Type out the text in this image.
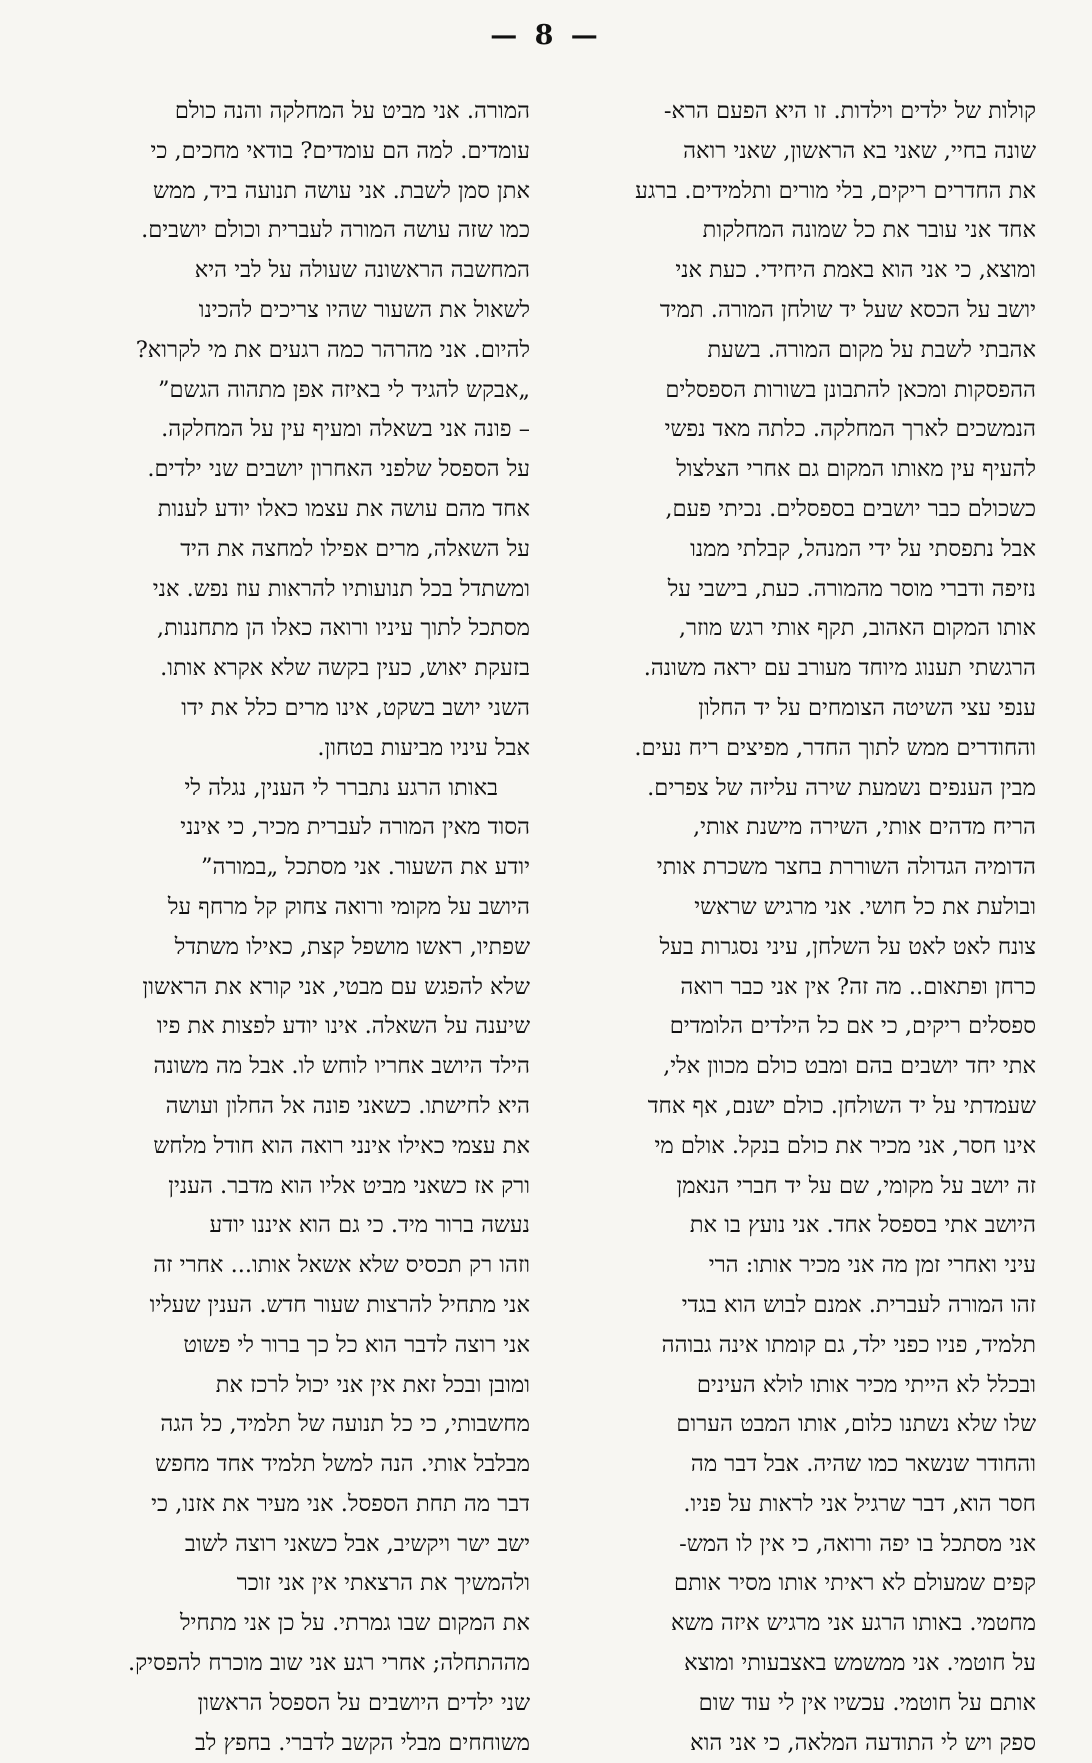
— 8 —
קולות של ילדים וילדות. זו היא הפעם הרא-
שונה בחיי, שאני בא הראשון, שאני רואה
את החדרים ריקים, בלי מורים ותלמידים. ברגע
אחד אני עובר את כל שמונה המחלקות
ומוצא, כי אני הוא באמת היחידי. כעת אני
יושב על הכסא שעל יד שולחן המורה. תמיד
אהבתי לשבת על מקום המורה. בשעת
ההפסקות ומכאן להתבונן בשורות הספסלים
הנמשכים לארך המחלקה. כלתה מאד נפשי
להעיף עין מאותו המקום גם אחרי הצלצול
כשכולם כבר יושבים בספסלים. נכיתי פעם,
אבל נתפסתי על ידי המנהל, קבלתי ממנו
נזיפה ודברי מוסר מהמורה. כעת, בישבי על
אותו המקום האהוב, תקף אותי רגש מוזר,
הרגשתי תענוג מיוחד מעורב עם יראה משונה.
ענפי עצי השיטה הצומחים על יד החלון
והחודרים ממש לתוך החדר, מפיצים ריח נעים.
מבין הענפים נשמעת שירה עליזה של צפרים.
הריח מדהים אותי, השירה מישנת אותי,
הדומיה הגדולה השוררת בחצר משכרת אותי
ובולעת את כל חושי. אני מרגיש שראשי
צונח לאט לאט על השלחן, עיני נסגרות בעל
כרחן ופתאום.. מה זה? אין אני כבר רואה
ספסלים ריקים, כי אם כל הילדים הלומדים
אתי יחד יושבים בהם ומבט כולם מכוון אלי,
שעמדתי על יד השולחן. כולם ישנם, אף אחד
אינו חסר, אני מכיר את כולם בנקל. אולם מי
זה יושב על מקומי, שם על יד חברי הנאמן
היושב אתי בספסל אחד. אני נועץ בו את
עיני ואחרי זמן מה אני מכיר אותו: הרי
זהו המורה לעברית. אמנם לבוש הוא בגדי
תלמיד, פניו כפני ילד, גם קומתו אינה גבוהה
ובכלל לא הייתי מכיר אותו לולא העינים
שלו שלא נשתנו כלום, אותו המבט הערום
והחודר שנשאר כמו שהיה. אבל דבר מה
חסר הוא, דבר שרגיל אני לראות על פניו.
אני מסתכל בו יפה ורואה, כי אין לו המש-
קפים שמעולם לא ראיתי אותו מסיר אותם
מחטמי. באותו הרגע אני מרגיש איזה משא
על חוטמי. אני ממשמש באצבעותי ומוצא
אותם על חוטמי. עכשיו אין לי עוד שום
ספק ויש לי התודעה המלאה, כי אני הוא
המורה. אני מביט על המחלקה והנה כולם
עומדים. למה הם עומדים? בודאי מחכים, כי
אתן סמן לשבת. אני עושה תנועה ביד, ממש
כמו שזה עושה המורה לעברית וכולם יושבים.
המחשבה הראשונה שעולה על לבי היא
לשאול את השעור שהיו צריכים להכינו
להיום. אני מהרהר כמה רגעים את מי לקרוא?
„אבקש להגיד לי באיזה אפן מתהוה הגשם”
– פונה אני בשאלה ומעיף עין על המחלקה.
על הספסל שלפני האחרון יושבים שני ילדים.
אחד מהם עושה את עצמו כאלו יודע לענות
על השאלה, מרים אפילו למחצה את היד
ומשתדל בכל תנועותיו להראות עוז נפש. אני
מסתכל לתוך עיניו ורואה כאלו הן מתחננות,
בזעקת יאוש, כעין בקשה שלא אקרא אותו.
השני יושב בשקט, אינו מרים כלל את ידו
אבל עיניו מביעות בטחון.
באותו הרגע נתברר לי הענין, נגלה לי
הסוד מאין המורה לעברית מכיר, כי אינני
יודע את השעור. אני מסתכל „במורה”
היושב על מקומי ורואה צחוק קל מרחף על
שפתיו, ראשו מושפל קצת, כאילו משתדל
שלא להפגש עם מבטי, אני קורא את הראשון
שיענה על השאלה. אינו יודע לפצות את פיו
הילד היושב אחריו לוחש לו. אבל מה משונה
היא לחישתו. כשאני פונה אל החלון ועושה
את עצמי כאילו אינני רואה הוא חודל מלחש
ורק אז כשאני מביט אליו הוא מדבר. הענין
נעשה ברור מיד. כי גם הוא איננו יודע
וזהו רק תכסיס שלא אשאל אותו... אחרי זה
אני מתחיל להרצות שעור חדש. הענין שעליו
אני רוצה לדבר הוא כל כך ברור לי פשוט
ומובן ובכל זאת אין אני יכול לרכז את
מחשבותי, כי כל תנועה של תלמיד, כל הגה
מבלבל אותי. הנה למשל תלמיד אחד מחפש
דבר מה תחת הספסל. אני מעיר את אזנו, כי
ישב ישר ויקשיב, אבל כשאני רוצה לשוב
ולהמשיך את הרצאתי אין אני זוכר
את המקום שבו גמרתי. על כן אני מתחיל
מההתחלה; אחרי רגע אני שוב מוכרח להפסיק.
שני ילדים היושבים על הספסל הראשון
משוחחים מבלי הקשב לדברי. בחפץ לב
